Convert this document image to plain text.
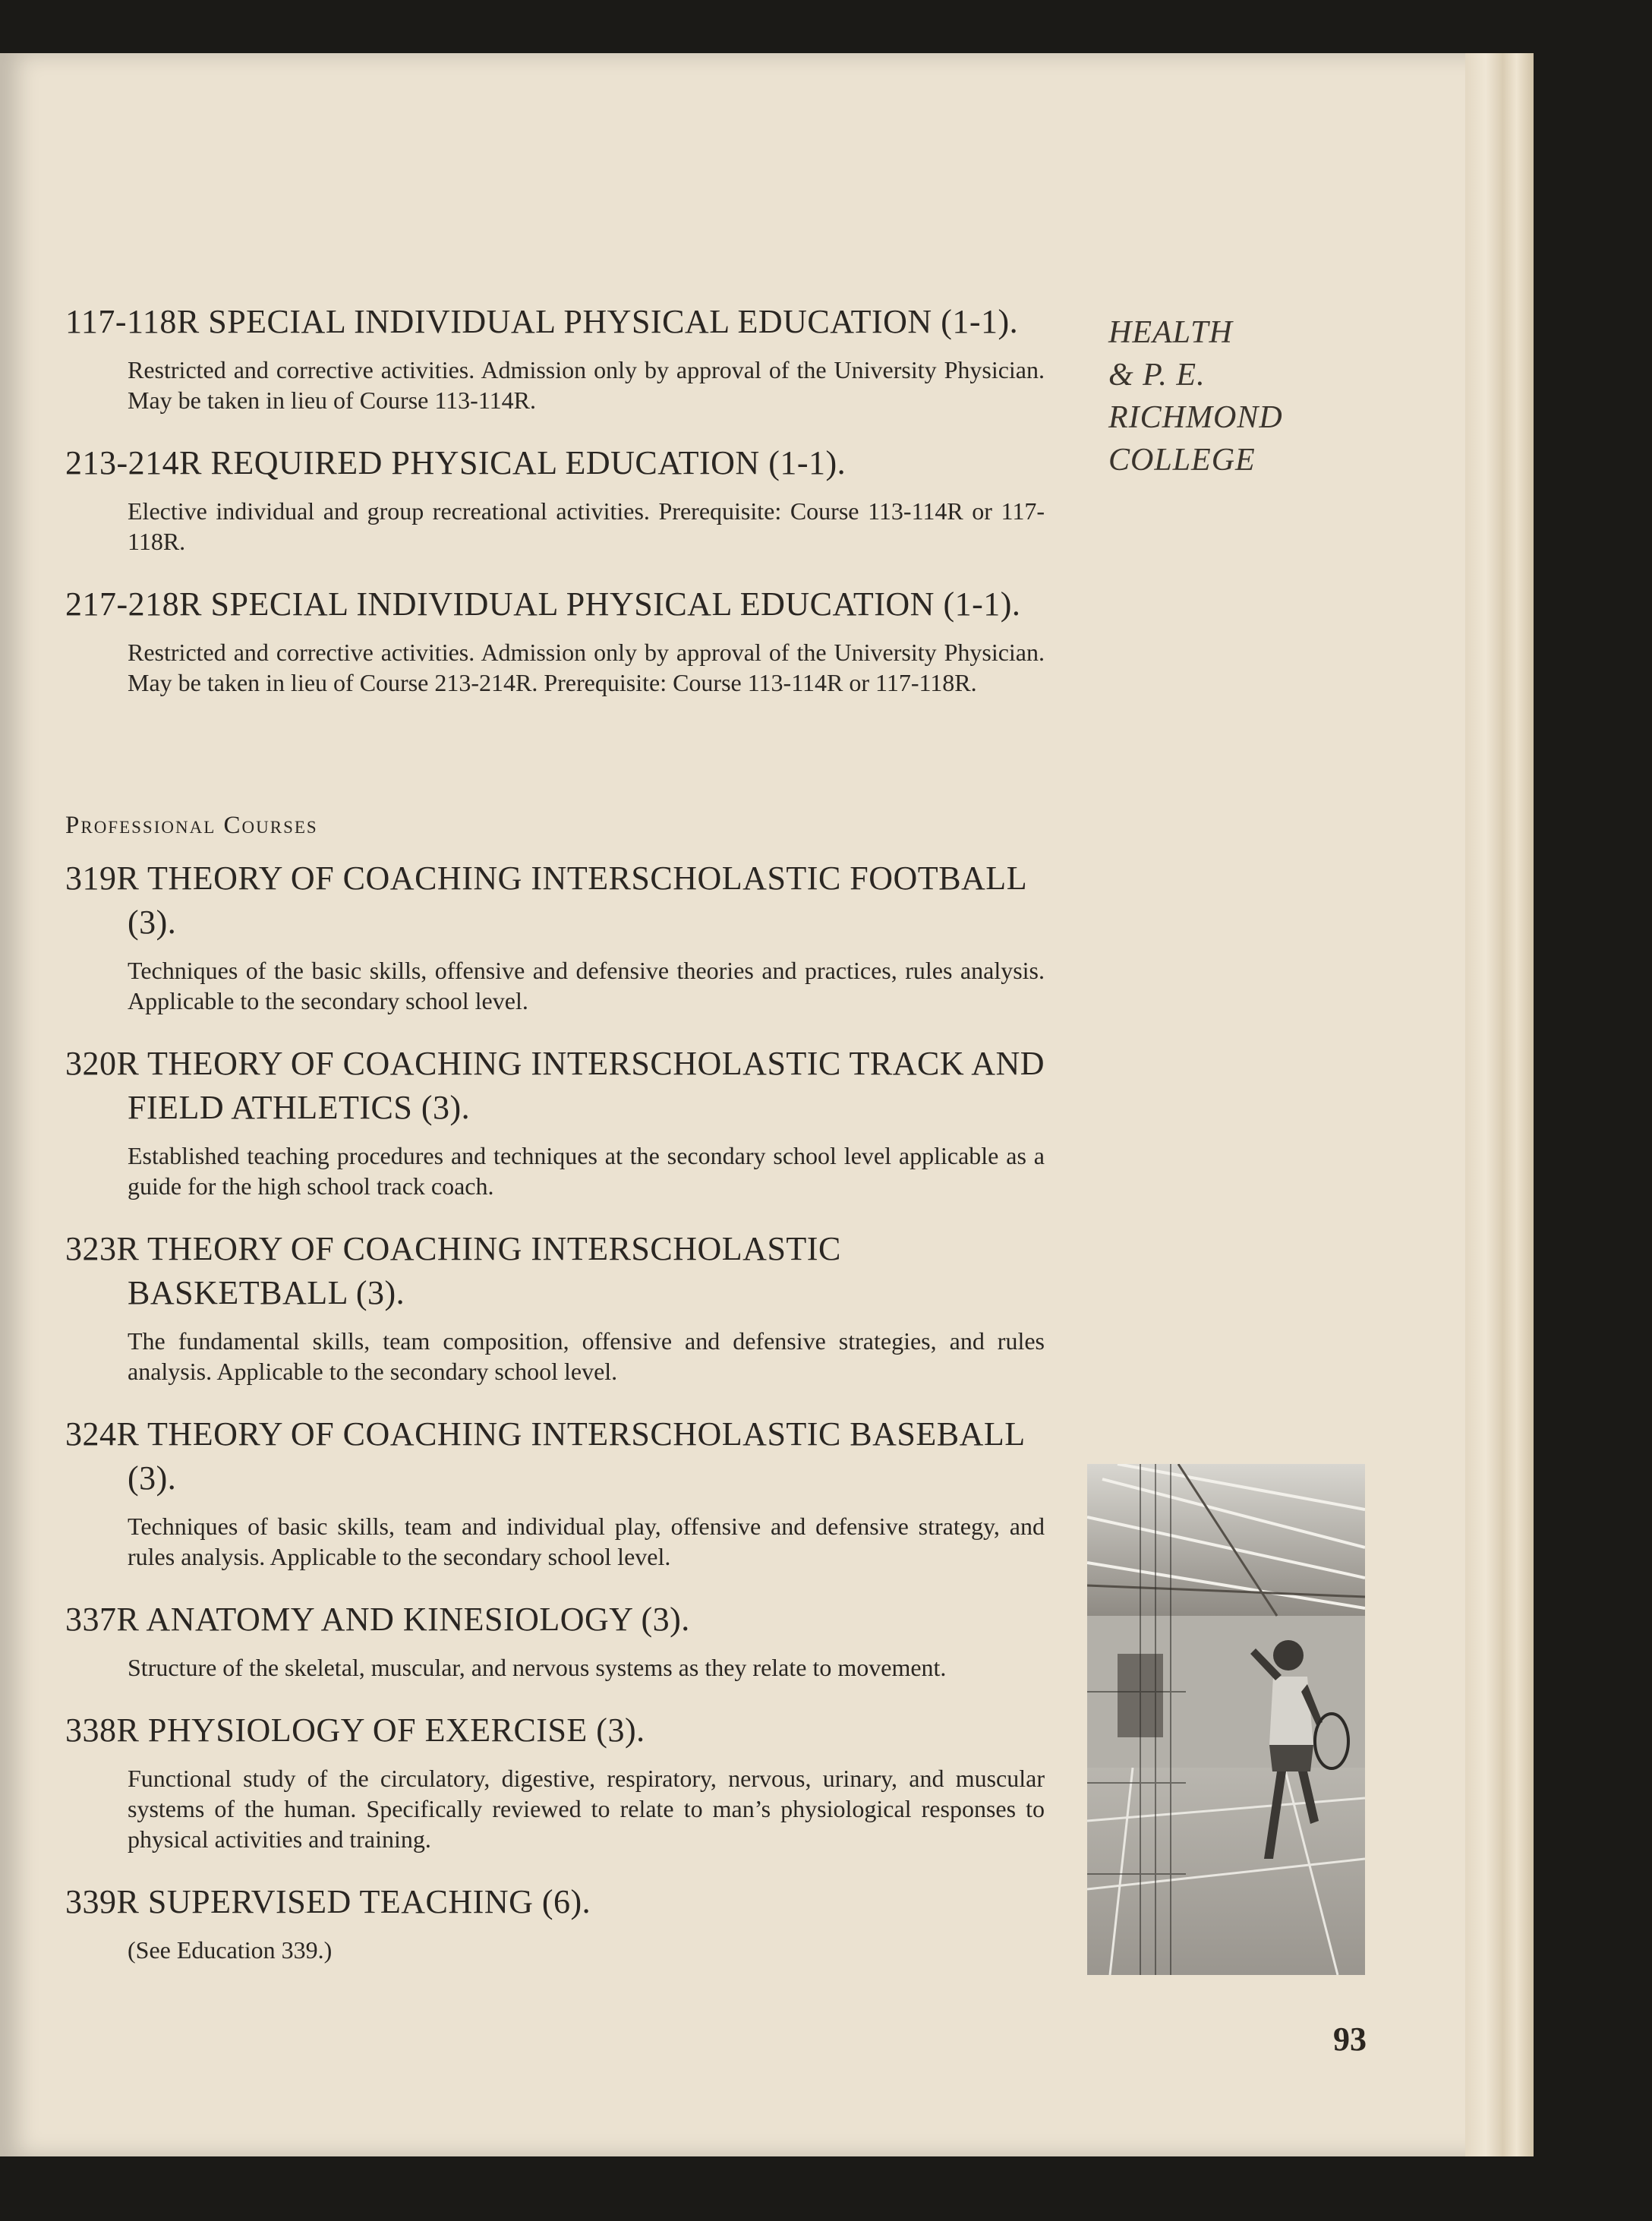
HEALTH
& P. E.
RICHMOND
COLLEGE
117-118R SPECIAL INDIVIDUAL PHYSICAL EDUCATION (1-1).
Restricted and corrective activities. Admission only by approval of the University Physician. May be taken in lieu of Course 113-114R.
213-214R REQUIRED PHYSICAL EDUCATION (1-1).
Elective individual and group recreational activities. Prerequisite: Course 113-114R or 117-118R.
217-218R SPECIAL INDIVIDUAL PHYSICAL EDUCATION (1-1).
Restricted and corrective activities. Admission only by approval of the University Physician. May be taken in lieu of Course 213-214R. Prerequisite: Course 113-114R or 117-118R.
Professional Courses
319R THEORY OF COACHING INTERSCHOLASTIC FOOTBALL (3).
Techniques of the basic skills, offensive and defensive theories and practices, rules analysis. Applicable to the secondary school level.
320R THEORY OF COACHING INTERSCHOLASTIC TRACK AND FIELD ATHLETICS (3).
Established teaching procedures and techniques at the secondary school level applicable as a guide for the high school track coach.
323R THEORY OF COACHING INTERSCHOLASTIC BASKETBALL (3).
The fundamental skills, team composition, offensive and defensive strategies, and rules analysis. Applicable to the secondary school level.
324R THEORY OF COACHING INTERSCHOLASTIC BASEBALL (3).
Techniques of basic skills, team and individual play, offensive and defensive strategy, and rules analysis. Applicable to the secondary school level.
337R ANATOMY AND KINESIOLOGY (3).
Structure of the skeletal, muscular, and nervous systems as they relate to movement.
338R PHYSIOLOGY OF EXERCISE (3).
Functional study of the circulatory, digestive, respiratory, nervous, urinary, and muscular systems of the human. Specifically reviewed to relate to man’s physiological responses to physical activities and training.
339R SUPERVISED TEACHING (6).
(See Education 339.)
93
